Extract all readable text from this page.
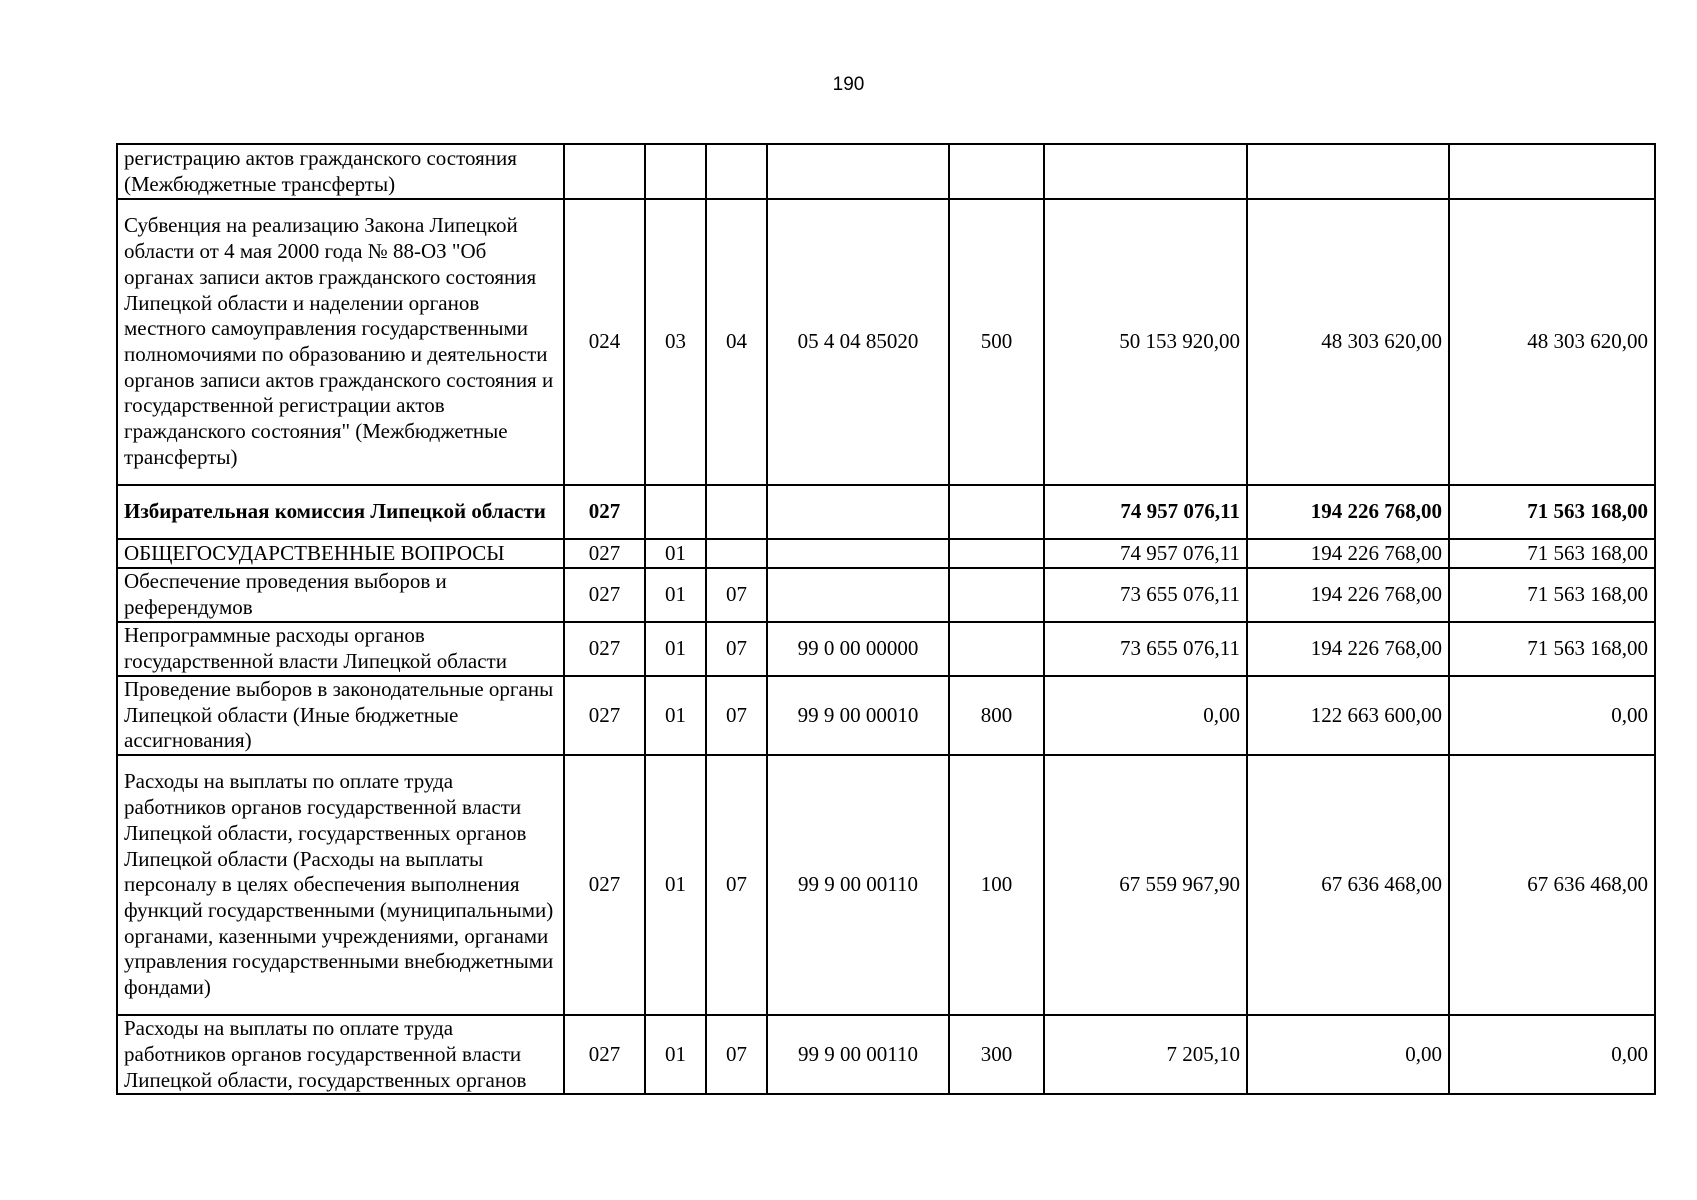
190
регистрацию актов гражданского состояния (Межбюджетные трансферты)								
Субвенция на реализацию Закона Липецкой области от 4 мая 2000 года № 88-ОЗ "Об органах записи актов гражданского состояния Липецкой области и наделении органов местного самоуправления государственными полномочиями по образованию и деятельности органов записи актов гражданского состояния и государственной регистрации актов гражданского состояния" (Межбюджетные трансферты)	024	03	04	05 4 04 85020	500	50 153 920,00	48 303 620,00	48 303 620,00
Избирательная комиссия Липецкой области	027					74 957 076,11	194 226 768,00	71 563 168,00
ОБЩЕГОСУДАРСТВЕННЫЕ ВОПРОСЫ	027	01				74 957 076,11	194 226 768,00	71 563 168,00
Обеспечение проведения выборов и референдумов	027	01	07			73 655 076,11	194 226 768,00	71 563 168,00
Непрограммные расходы органов государственной власти Липецкой области	027	01	07	99 0 00 00000		73 655 076,11	194 226 768,00	71 563 168,00
Проведение выборов в законодательные органы Липецкой области (Иные бюджетные ассигнования)	027	01	07	99 9 00 00010	800	0,00	122 663 600,00	0,00
Расходы на выплаты по оплате труда работников органов государственной власти Липецкой области, государственных органов Липецкой области (Расходы на выплаты персоналу в целях обеспечения выполнения функций государственными (муниципальными) органами, казенными учреждениями, органами управления государственными внебюджетными фондами)	027	01	07	99 9 00 00110	100	67 559 967,90	67 636 468,00	67 636 468,00
Расходы на выплаты по оплате труда работников органов государственной власти Липецкой области, государственных органов	027	01	07	99 9 00 00110	300	7 205,10	0,00	0,00
